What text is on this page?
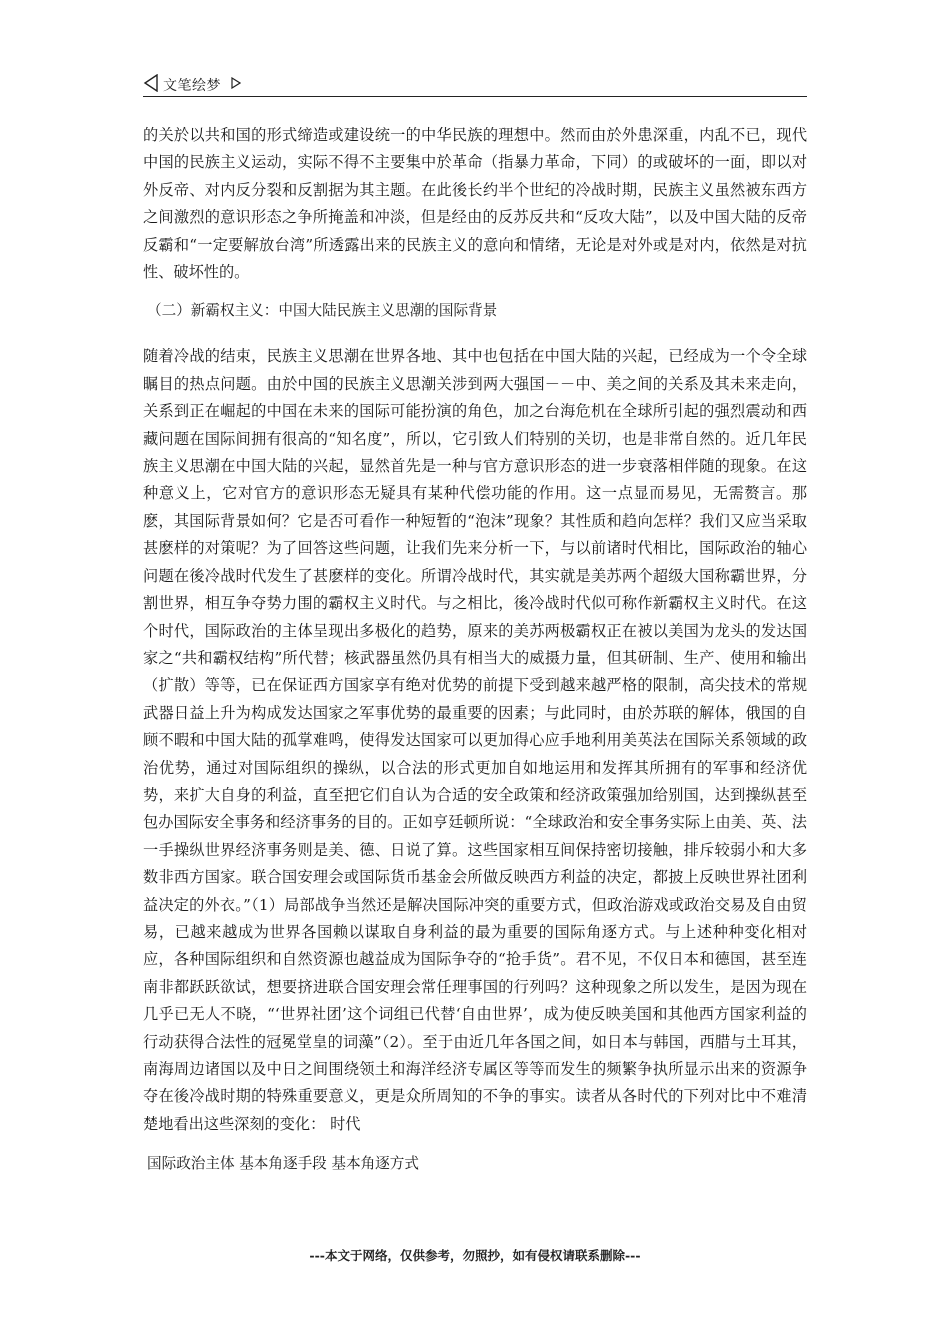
文笔绘梦

的关於以共和国的形式缔造或建设统一的中华民族的理想中。然而由於外患深重，内乱不已，现代中国的民族主义运动，实际不得不主要集中於革命（指暴力革命，下同）的或破坏的一面，即以对外反帝、对内反分裂和反割据为其主题。在此後长约半个世纪的冷战时期，民族主义虽然被东西方之间激烈的意识形态之争所掩盖和冲淡，但是经由的反苏反共和“反攻大陆”，以及中国大陆的反帝反霸和“一定要解放台湾”所透露出来的民族主义的意向和情绪，无论是对外或是对内，依然是对抗性、破坏性的。

（二）新霸权主义：中国大陆民族主义思潮的国际背景

随着冷战的结束，民族主义思潮在世界各地、其中也包括在中国大陆的兴起，已经成为一个令全球瞩目的热点问题。由於中国的民族主义思潮关涉到两大强国－－中、美之间的关系及其未来走向，关系到正在崛起的中国在未来的国际可能扮演的角色，加之台海危机在全球所引起的强烈震动和西藏问题在国际间拥有很高的“知名度”，所以，它引致人们特别的关切，也是非常自然的。近几年民族主义思潮在中国大陆的兴起，显然首先是一种与官方意识形态的进一步衰落相伴随的现象。在这种意义上，它对官方的意识形态无疑具有某种代偿功能的作用。这一点显而易见，无需赘言。那麽，其国际背景如何？它是否可看作一种短暂的“泡沫”现象？其性质和趋向怎样？我们又应当采取甚麽样的对策呢？为了回答这些问题，让我们先来分析一下，与以前诸时代相比，国际政治的轴心问题在後冷战时代发生了甚麽样的变化。所谓冷战时代，其实就是美苏两个超级大国称霸世界，分割世界，相互争夺势力围的霸权主义时代。与之相比，後冷战时代似可称作新霸权主义时代。在这个时代，国际政治的主体呈现出多极化的趋势，原来的美苏两极霸权正在被以美国为龙头的发达国家之“共和霸权结构”所代替；核武器虽然仍具有相当大的威摄力量，但其研制、生产、使用和输出（扩散）等等，已在保证西方国家享有绝对优势的前提下受到越来越严格的限制，高尖技术的常规武器日益上升为构成发达国家之军事优势的最重要的因素；与此同时，由於苏联的解体，俄国的自顾不暇和中国大陆的孤掌难鸣，使得发达国家可以更加得心应手地利用美英法在国际关系领域的政治优势，通过对国际组织的操纵，以合法的形式更加自如地运用和发挥其所拥有的军事和经济优势，来扩大自身的利益，直至把它们自认为合适的安全政策和经济政策强加给别国，达到操纵甚至包办国际安全事务和经济事务的目的。正如亨廷顿所说：“全球政治和安全事务实际上由美、英、法一手操纵世界经济事务则是美、德、日说了算。这些国家相互间保持密切接触，排斥较弱小和大多数非西方国家。联合国安理会或国际货币基金会所做反映西方利益的决定，都披上反映世界社团利益决定的外衣。”（1）局部战争当然还是解决国际冲突的重要方式，但政治游戏或政治交易及自由贸易，已越来越成为世界各国赖以谋取自身利益的最为重要的国际角逐方式。与上述种种变化相对应，各种国际组织和自然资源也越益成为国际争夺的“抢手货”。君不见，不仅日本和德国，甚至连南非都跃跃欲试，想要挤进联合国安理会常任理事国的行列吗？这种现象之所以发生，是因为现在几乎已无人不晓，“‘世界社团’这个词组已代替‘自由世界’，成为使反映美国和其他西方国家利益的行动获得合法性的冠冕堂皇的词藻”（2）。至于由近几年各国之间，如日本与韩国，西腊与土耳其，南海周边诸国以及中日之间围绕领土和海洋经济专属区等等而发生的频繁争执所显示出来的资源争夺在後冷战时期的特殊重要意义，更是众所周知的不争的事实。读者从各时代的下列对比中不难清楚地看出这些深刻的变化： 时代

国际政治主体 基本角逐手段 基本角逐方式
---本文于网络，仅供参考，勿照抄，如有侵权请联系删除---
